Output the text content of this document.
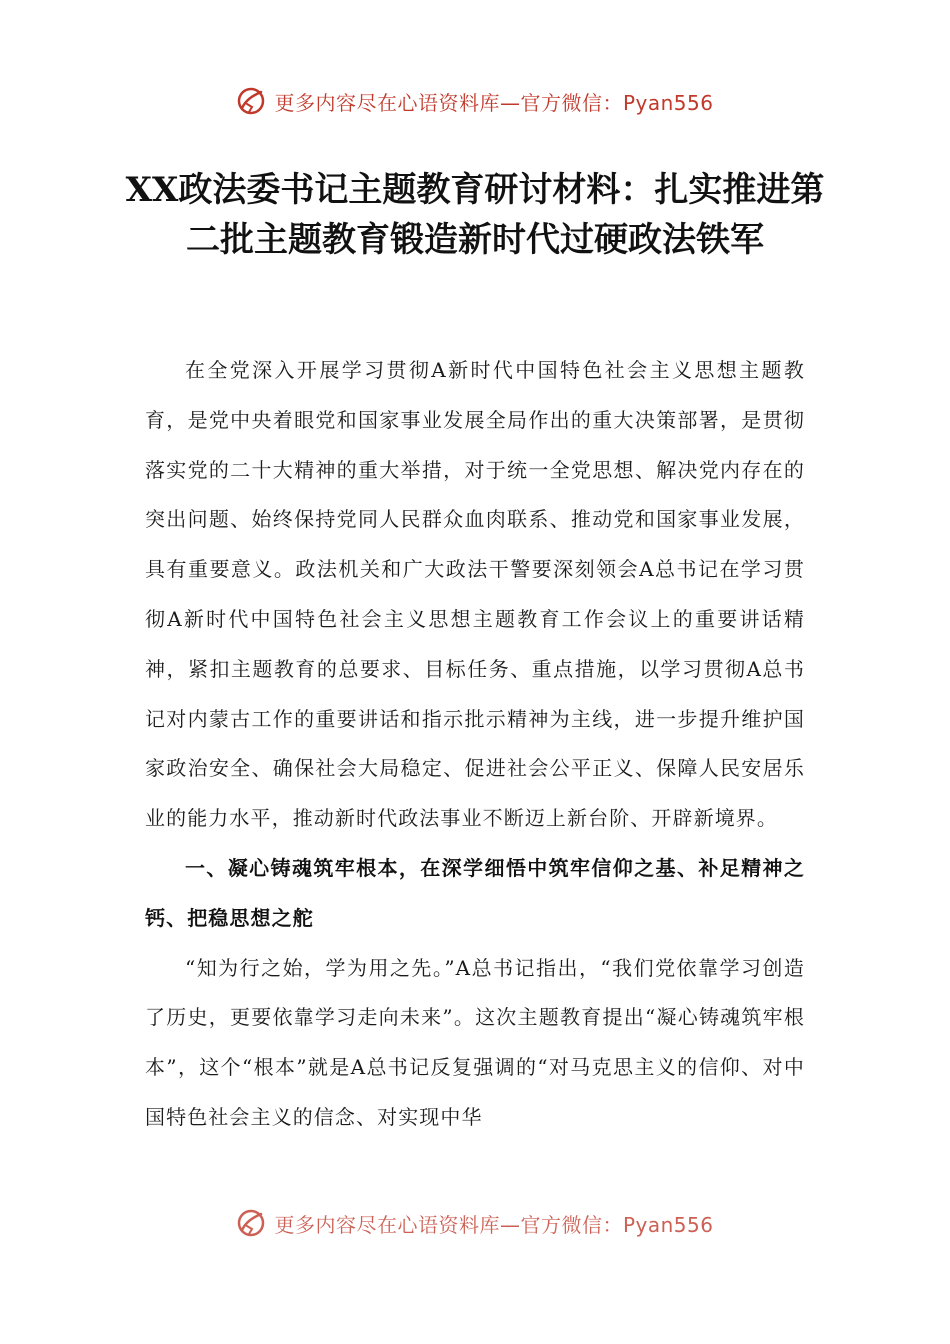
更多内容尽在心语资料库—官方微信：Pyan556
XX政法委书记主题教育研讨材料：扎实推进第二批主题教育锻造新时代过硬政法铁军

在全党深入开展学习贯彻A新时代中国特色社会主义思想主题教育，是党中央着眼党和国家事业发展全局作出的重大决策部署，是贯彻落实党的二十大精神的重大举措，对于统一全党思想、解决党内存在的突出问题、始终保持党同人民群众血肉联系、推动党和国家事业发展，具有重要意义。政法机关和广大政法干警要深刻领会A总书记在学习贯彻A新时代中国特色社会主义思想主题教育工作会议上的重要讲话精神，紧扣主题教育的总要求、目标任务、重点措施，以学习贯彻A总书记对内蒙古工作的重要讲话和指示批示精神为主线，进一步提升维护国家政治安全、确保社会大局稳定、促进社会公平正义、保障人民安居乐业的能力水平，推动新时代政法事业不断迈上新台阶、开辟新境界。

一、凝心铸魂筑牢根本，在深学细悟中筑牢信仰之基、补足精神之钙、把稳思想之舵

“知为行之始，学为用之先。”A总书记指出，“我们党依靠学习创造了历史，更要依靠学习走向未来”。这次主题教育提出“凝心铸魂筑牢根本”，这个“根本”就是A总书记反复强调的“对马克思主义的信仰、对中国特色社会主义的信念、对实现中华

更多内容尽在心语资料库—官方微信：Pyan556
